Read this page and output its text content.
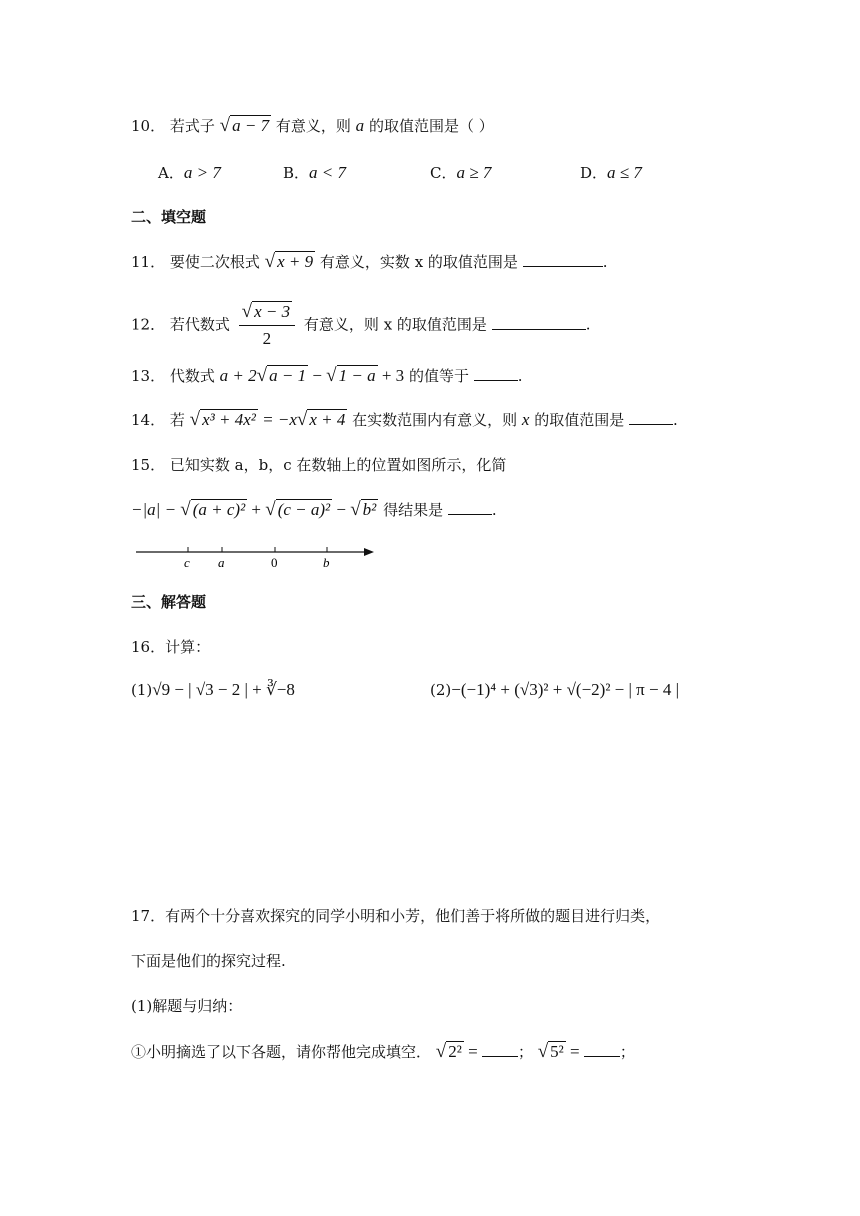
10． 若式子 √ a − 7 有意义，则 a 的取值范围是（ ）
A．a > 7	B．a < 7	C．a ≥ 7	D．a ≤ 7
二、填空题
11． 要使二次根式 √ x + 9 有意义，实数 x 的取值范围是	.
12． 若代数式 $\frac{√ x - 3}{2}$ 有意义，则 x 的取值范围是	.
13． 代数式 a + 2√ a − 1 − √ 1 − a + 3 的值等于	.
14． 若 √ x³ + 4x² = −x√ x + 4 在实数范围内有意义，则 x 的取值范围是	.
15． 已知实数 a，b，c 在数轴上的位置如图所示，化简
−|a| − √ (a + c)² + √ (c − a)² − √ b² 得结果是	.
c a	0	b
三、解答题
16．计算：
(1)√9 − | √3 − 2 | + ∛−8	(2)−(−1)⁴ + (√3)² + √(−2)² − | π − 4 |
17．有两个十分喜欢探究的同学小明和小芳，他们善于将所做的题目进行归类，
下面是他们的探究过程.
(1)解题与归纳：
①小明摘选了以下各题，请你帮他完成填空． √ 2² = ； √ 5² = ；
